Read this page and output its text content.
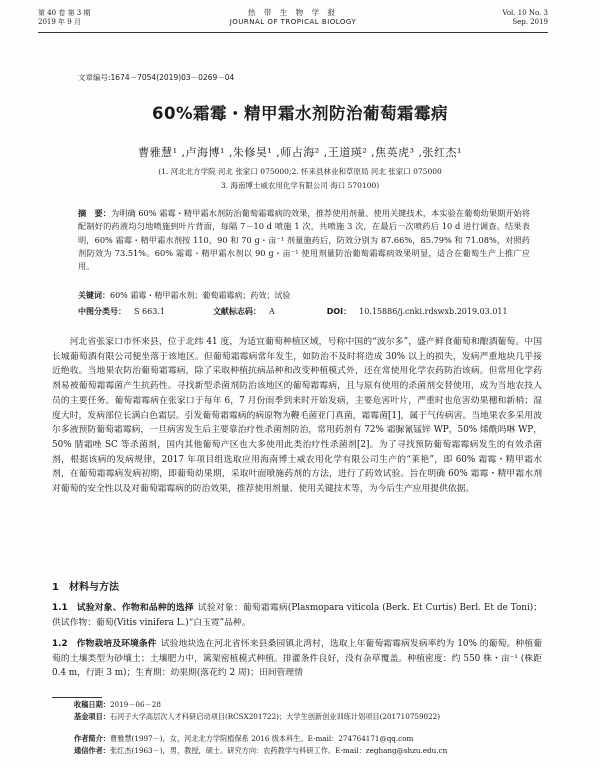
第 40 卷 第 3 期
2019 年 9 月
热 带 生 物 学 报
JOURNAL OF TROPICAL BIOLOGY
Vol. 10 No. 3
Sep. 2019
文章编号:1674－7054(2019)03－0269－04
60%霜霉・精甲霜水剂防治葡萄霜霉病
曹雅慧¹ ,卢海博¹ ,朱修昊¹ ,师占海² ,王道瑛² ,焦英虎³ ,张红杰¹
(1. 河北北方学院 河北 张家口 075000;2. 怀来县林业和草原局 河北 张家口 075000
3. 海南博士威农用化学有限公司 海口 570100)
摘　要：为明确 60% 霜霉・精甲霜水剂防治葡萄霜霉病的效果，推荐使用剂量、使用关键技术，本实验在葡萄幼果期开始将配制好的药液均匀地喷施到叶片背面，每隔 7－10 d 喷施 1 次，共喷施 3 次，在最后一次喷药后 10 d 进行调查。结果表明，60% 霜霉・精甲霜水剂按 110，90 和 70 g・亩⁻¹ 剂量施药后，防效分别为 87.66%，85.79% 和 71.08%，对照药剂防效为 73.51%。60% 霜霉・精甲霜水剂以 90 g・亩⁻¹ 使用剂量防治葡萄霜霉病效果明显，适合在葡萄生产上推广应用。
关键词：60% 霜霉・精甲霜水剂；葡萄霜霉病；药效；试验
中图分类号： S 663.1	文献标志码： A	DOI： 10.15886/j.cnki.rdswxb.2019.03.011
河北省张家口市怀来县，位于北纬 41 度，为适宜葡萄种植区域，号称中国的“波尔多”，盛产鲜食葡萄和酿酒葡萄。中国长城葡萄酒有限公司便坐落于该地区。但葡萄霜霉病常年发生，如防治不及时将造成 30% 以上的损失，发病严重地块几乎接近绝收。当地果农防治葡萄霜霉病，除了采取种植抗病品种和改变种植模式外，还在常使用化学农药防治该病。但常用化学药剂易被葡萄霜霉菌产生抗药性。寻找新型杀菌剂防治该地区的葡萄霜霉病，且与原有使用的杀菌剂交替使用，成为当地农技人员的主要任务。葡萄霜霉病在张家口于每年 6，7 月份雨季到来时开始发病，主要危害叶片，严重时也危害幼果穗和新梢；湿度大时，发病部位长满白色霜层。引发葡萄霜霉病的病原物为鞭毛菌亚门真菌，霜霉菌[1]，属于气传病害。当地果农多采用波尔多液预防葡萄霜霉病，一旦病害发生后主要靠治疗性杀菌剂防治，常用药剂有 72% 霜脲氰锰锌 WP，50% 烯酰吗啉 WP，50% 腈霜唑 SC 等杀菌剂，国内其他葡萄产区也大多使用此类治疗性杀菌剂[2]。为了寻找预防葡萄霜霉病发生的有效杀菌剂，根据该病的发病规律，2017 年项目组选取应用海南博士威农用化学有限公司生产的“莱艳”，即 60% 霜霉・精甲霜水剂，在葡萄霜霉病发病初期，即葡萄幼果期，采取叶面喷施药剂的方法，进行了药效试验。旨在明确 60% 霜霉・精甲霜水剂对葡萄的安全性以及对葡萄霜霉病的防治效果，推荐使用剂量、使用关键技术等，为今后生产应用提供依据。
1　材料与方法
1.1　试验对象、作物和品种的选择 试验对象：葡萄霜霉病(Plasmopara viticola (Berk. Et Curtis) Berl. Et de Toni)；供试作物：葡萄(Vitis vinifera L.)“白玉霓”品种。
1.2　作物栽培及环境条件 试验地块选在河北省怀来县桑园镇北湾村，选取上年葡萄霜霉病发病率约为 10% 的葡萄。种植葡萄的土壤类型为砂壤土；土壤肥力中，篱架密植模式种植。排灌条件良好，没有杂草覆盖。种植密度：约 550 株・亩⁻¹ (株距 0.4 m，行距 3 m)；生育期：幼果期(落花约 2 周)；田间管理情
收稿日期：2019－06－28
基金项目：石河子大学高层次人才科研启动项目(RCSX201722)；大学生创新创业训练计划项目(201710759022)
作者简介：曹雅慧(1997－)，女，河北北方学院植保系 2016 级本科生。E-mail：274764171@qq.com
通信作者：张红杰(1963－)，男，教授，硕士。研究方向：农药教学与科研工作。E-mail：zeghang@shzu.edu.cn
